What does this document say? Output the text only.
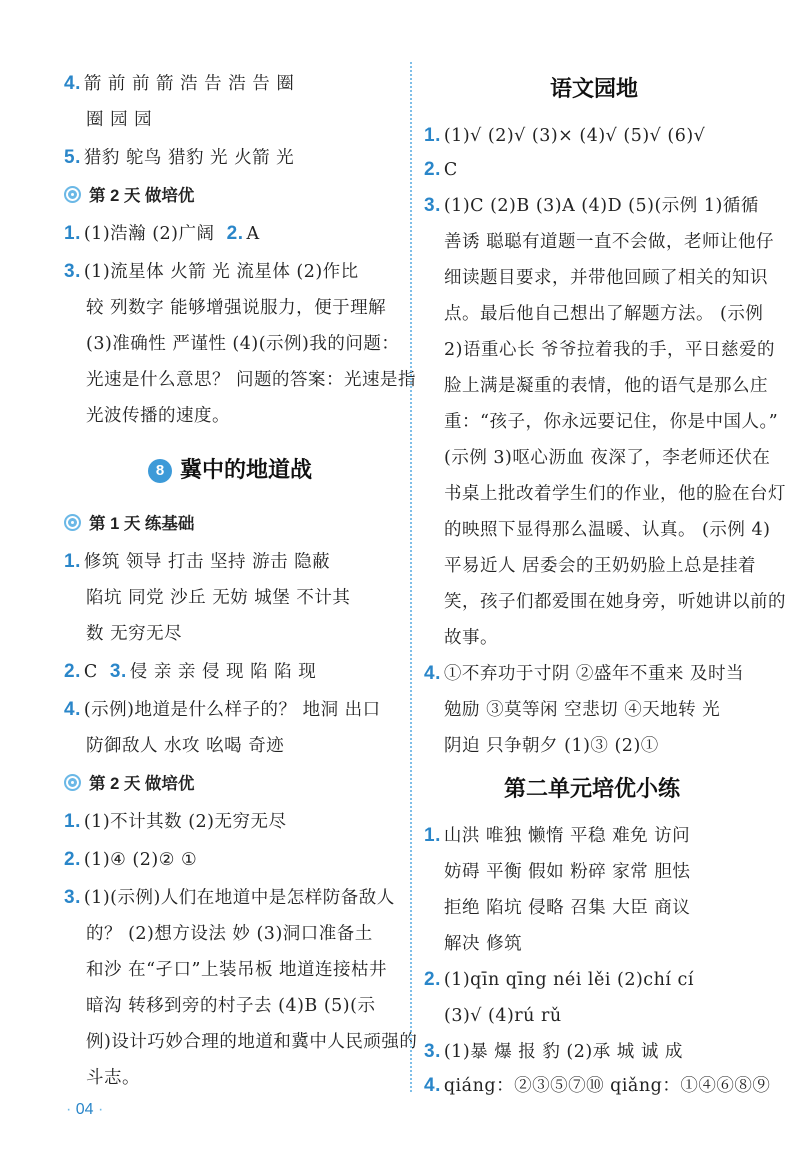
4. 箭 前 前 箭 浩 告 浩 告 圈
圈 园 园
5. 猎豹 鸵鸟 猎豹 光 火箭 光
第 2 天 做培优
1. (1)浩瀚 (2)广阔 2. A
3. (1)流星体 火箭 光 流星体 (2)作比
较 列数字 能够增强说服力，便于理解
(3)准确性 严谨性 (4)(示例)我的问题：
光速是什么意思？ 问题的答案：光速是指
光波传播的速度。
8 冀中的地道战
第 1 天 练基础
1. 修筑 领导 打击 坚持 游击 隐蔽
陷坑 同党 沙丘 无妨 城堡 不计其
数 无穷无尽
2. C 3. 侵 亲 亲 侵 现 陷 陷 现
4. (示例)地道是什么样子的？ 地洞 出口
防御敌人 水攻 吆喝 奇迹
第 2 天 做培优
1. (1)不计其数 (2)无穷无尽
2. (1)④ (2)② ①
3. (1)(示例)人们在地道中是怎样防备敌人
的？ (2)想方设法 妙 (3)洞口准备土
和沙 在“孑口”上装吊板 地道连接枯井
暗沟 转移到旁的村子去 (4)B (5)(示
例)设计巧妙合理的地道和冀中人民顽强的
斗志。
语文园地
1. (1)√ (2)√ (3)× (4)√ (5)√ (6)√
2. C
3. (1)C (2)B (3)A (4)D (5)(示例 1)循循
善诱 聪聪有道题一直不会做，老师让他仔
细读题目要求，并带他回顾了相关的知识
点。最后他自己想出了解题方法。 (示例
2)语重心长 爷爷拉着我的手，平日慈爱的
脸上满是凝重的表情，他的语气是那么庄
重：“孩子，你永远要记住，你是中国人。”
(示例 3)呕心沥血 夜深了，李老师还伏在
书桌上批改着学生们的作业，他的脸在台灯
的映照下显得那么温暖、认真。 (示例 4)
平易近人 居委会的王奶奶脸上总是挂着
笑，孩子们都爱围在她身旁，听她讲以前的
故事。
4. ①不弃功于寸阴 ②盛年不重来 及时当
勉励 ③莫等闲 空悲切 ④天地转 光
阴迫 只争朝夕 (1)③ (2)①
第二单元培优小练
1. 山洪 唯独 懒惰 平稳 难免 访问
妨碍 平衡 假如 粉碎 家常 胆怯
拒绝 陷坑 侵略 召集 大臣 商议
解决 修筑
2. (1)qīn qīng néi lěi (2)chí cí
(3)√ (4)rú rǔ
3. (1)暴 爆 报 豹 (2)承 城 诚 成
4. qiáng：②③⑤⑦⑩ qiǎng：①④⑥⑧⑨
· 04 ·
